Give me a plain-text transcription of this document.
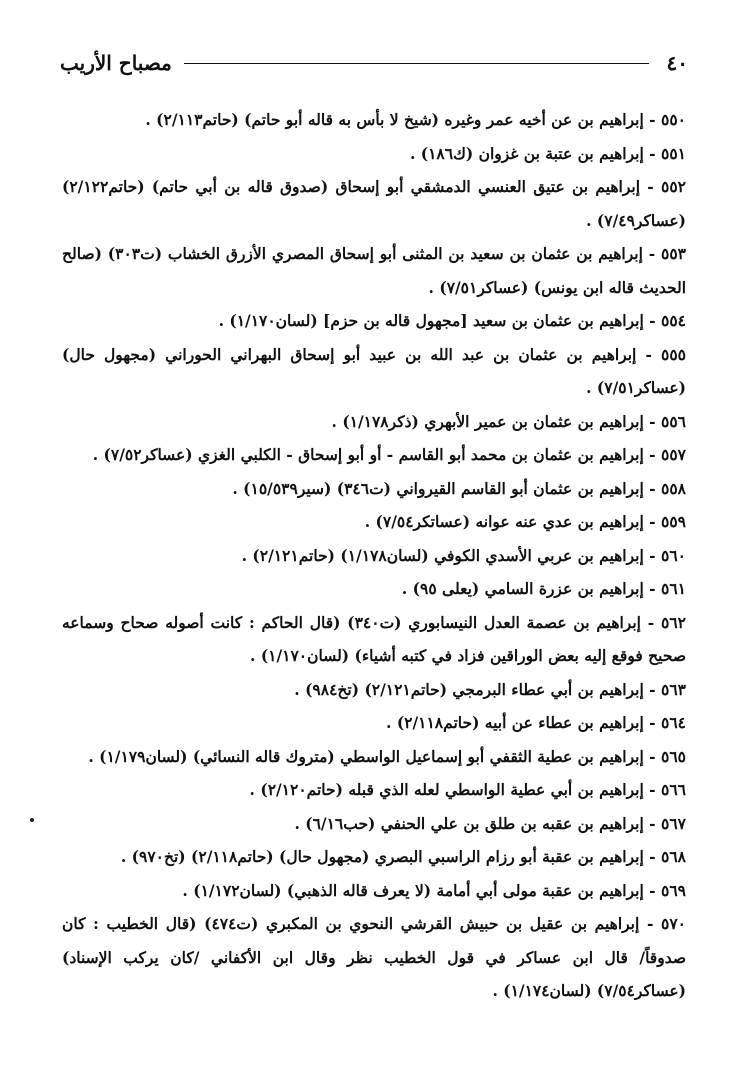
٤٠
مصباح الأريب

٥٥٠ - إبراهيم بن عن أخيه عمر وغيره (شيخ لا بأس به قاله أبو حاتم) (حاتم٢/١١٣) .

٥٥١ - إبراهيم بن عتبة بن غزوان (ك١٨٦) .

٥٥٢ - إبراهيم بن عتيق العنسي الدمشقي أبو إسحاق (صدوق قاله بن أبي حاتم) (حاتم٢/١٢٢) (عساكر٧/٤٩) .

٥٥٣ - إبراهيم بن عثمان بن سعيد بن المثنى أبو إسحاق المصري الأزرق الخشاب (ت٣٠٣) (صالح الحديث قاله ابن يونس) (عساكر٧/٥١) .

٥٥٤ - إبراهيم بن عثمان بن سعيد [مجهول قاله بن حزم] (لسان١/١٧٠) .

٥٥٥ - إبراهيم بن عثمان بن عبد الله بن عبيد أبو إسحاق البهراني الحوراني (مجهول حال) (عساكر٧/٥١) .

٥٥٦ - إبراهيم بن عثمان بن عمير الأبهري (ذكر١/١٧٨) .

٥٥٧ - إبراهيم بن عثمان بن محمد أبو القاسم - أو أبو إسحاق - الكلبي الغزي (عساكر٧/٥٢) .

٥٥٨ - إبراهيم بن عثمان أبو القاسم القيرواني (ت٣٤٦) (سير١٥/٥٣٩) .

٥٥٩ - إبراهيم بن عدي عنه عوانه (عساتكر٧/٥٤) .

٥٦٠ - إبراهيم بن عربي الأسدي الكوفي (لسان١/١٧٨) (حاتم٢/١٢١) .

٥٦١ - إبراهيم بن عزرة السامي (يعلى ٩٥) .

٥٦٢ - إبراهيم بن عصمة العدل النيسابوري (ت٣٤٠) (قال الحاكم : كانت أصوله صحاح وسماعه صحيح فوقع إليه بعض الوراقين فزاد في كتبه أشياء) (لسان١/١٧٠) .

٥٦٣ - إبراهيم بن أبي عطاء البرمجي (حاتم٢/١٢١) (تخ٩٨٤) .

٥٦٤ - إبراهيم بن عطاء عن أبيه (حاتم٢/١١٨) .

٥٦٥ - إبراهيم بن عطية الثقفي أبو إسماعيل الواسطي (متروك قاله النسائي) (لسان١/١٧٩) .

٥٦٦ - إبراهيم بن أبي عطية الواسطي لعله الذي قبله (حاتم٢/١٢٠) .

٥٦٧ - إبراهيم بن عقبه بن طلق بن علي الحنفي (حب٦/١٦) .

٥٦٨ - إبراهيم بن عقبة أبو رزام الراسبي البصري (مجهول حال) (حاتم٢/١١٨) (تخ٩٧٠) .

٥٦٩ - إبراهيم بن عقبة مولى أبي أمامة (لا يعرف قاله الذهبي) (لسان١/١٧٢) .

٥٧٠ - إبراهيم بن عقيل بن حبيش القرشي النحوي بن المكبري (ت٤٧٤) (قال الخطيب : كان صدوقاً/ قال ابن عساكر في قول الخطيب نظر وقال ابن الأكفاني /كان يركب الإسناد) (عساكر٧/٥٤) (لسان١/١٧٤) .
